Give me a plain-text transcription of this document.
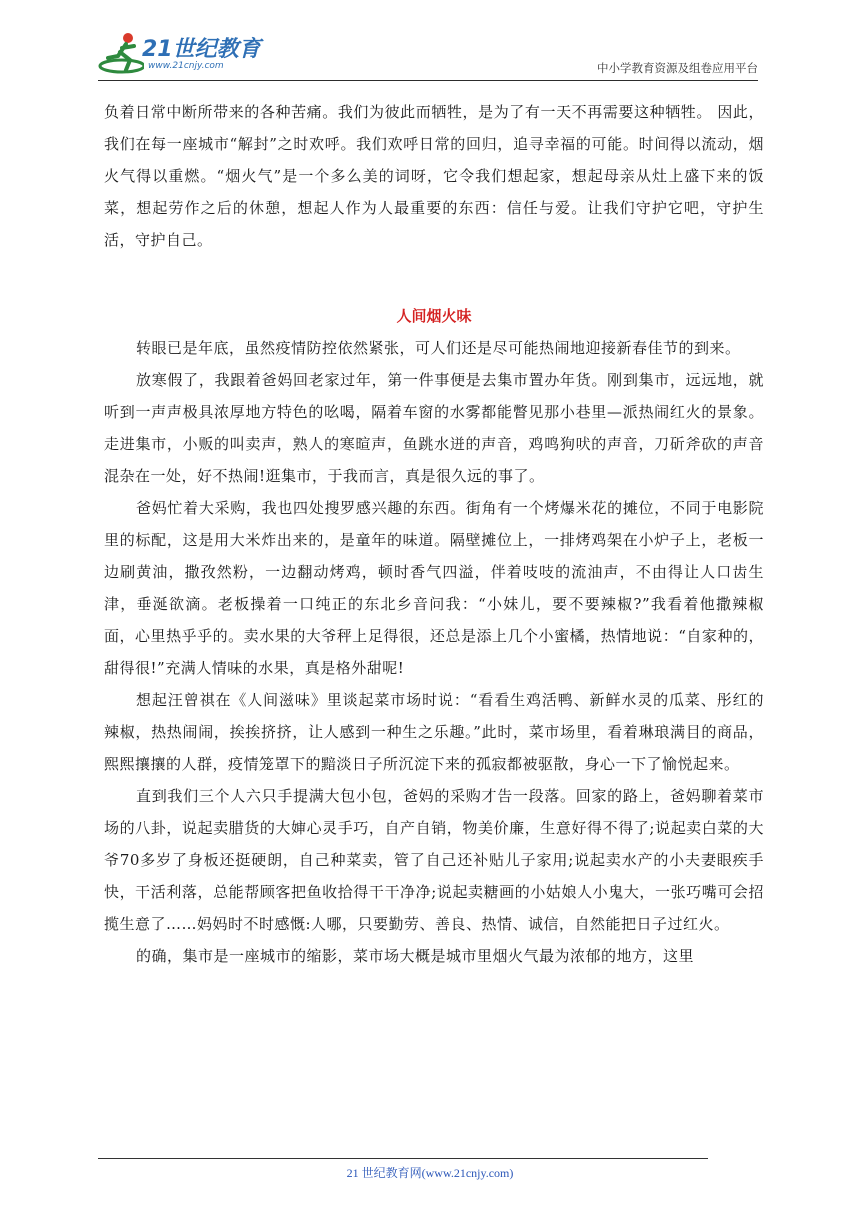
21世纪教育
www.21cnjy.com	中小学教育资源及组卷应用平台

负着日常中断所带来的各种苦痛。我们为彼此而牺牲，是为了有一天不再需要这种牺牲。 因此，我们在每一座城市“解封”之时欢呼。我们欢呼日常的回归，追寻幸福的可能。时间得以流动，烟火气得以重燃。“烟火气”是一个多么美的词呀，它令我们想起家，想起母亲从灶上盛下来的饭菜，想起劳作之后的休憩，想起人作为人最重要的东西：信任与爱。让我们守护它吧，守护生活，守护自己。

人间烟火味

转眼已是年底，虽然疫情防控依然紧张，可人们还是尽可能热闹地迎接新春佳节的到来。

放寒假了，我跟着爸妈回老家过年，第一件事便是去集市置办年货。刚到集市，远远地，就听到一声声极具浓厚地方特色的吆喝，隔着车窗的水雾都能瞥见那小巷里—派热闹红火的景象。走进集市，小贩的叫卖声，熟人的寒暄声，鱼跳水迸的声音，鸡鸣狗吠的声音，刀斫斧砍的声音混杂在一处，好不热闹!逛集市，于我而言，真是很久远的事了。

爸妈忙着大采购，我也四处搜罗感兴趣的东西。街角有一个烤爆米花的摊位，不同于电影院里的标配，这是用大米炸出来的，是童年的味道。隔壁摊位上，一排烤鸡架在小炉子上，老板一边刷黄油，撒孜然粉，一边翻动烤鸡，顿时香气四溢，伴着吱吱的流油声，不由得让人口齿生津，垂涎欲滴。老板操着一口纯正的东北乡音问我：“小妹儿，要不要辣椒?”我看着他撒辣椒面，心里热乎乎的。卖水果的大爷秤上足得很，还总是添上几个小蜜橘，热情地说：“自家种的，甜得很!”充满人情味的水果，真是格外甜呢!

想起汪曾祺在《人间滋味》里谈起菜市场时说：“看看生鸡活鸭、新鲜水灵的瓜菜、彤红的辣椒，热热闹闹，挨挨挤挤，让人感到一种生之乐趣。”此时，菜市场里，看着琳琅满目的商品，熙熙攘攘的人群，疫情笼罩下的黯淡日子所沉淀下来的孤寂都被驱散，身心一下了愉悦起来。

直到我们三个人六只手提满大包小包，爸妈的采购才告一段落。回家的路上，爸妈聊着菜市场的八卦，说起卖腊货的大婶心灵手巧，自产自销，物美价廉，生意好得不得了;说起卖白菜的大爷70多岁了身板还挺硬朗，自己种菜卖，管了自己还补贴儿子家用;说起卖水产的小夫妻眼疾手快，干活利落，总能帮顾客把鱼收拾得干干净净;说起卖糖画的小姑娘人小鬼大，一张巧嘴可会招揽生意了……妈妈时不时感慨:人哪，只要勤劳、善良、热情、诚信，自然能把日子过红火。

的确，集市是一座城市的缩影，菜市场大概是城市里烟火气最为浓郁的地方，这里

21 世纪教育网(www.21cnjy.com)
